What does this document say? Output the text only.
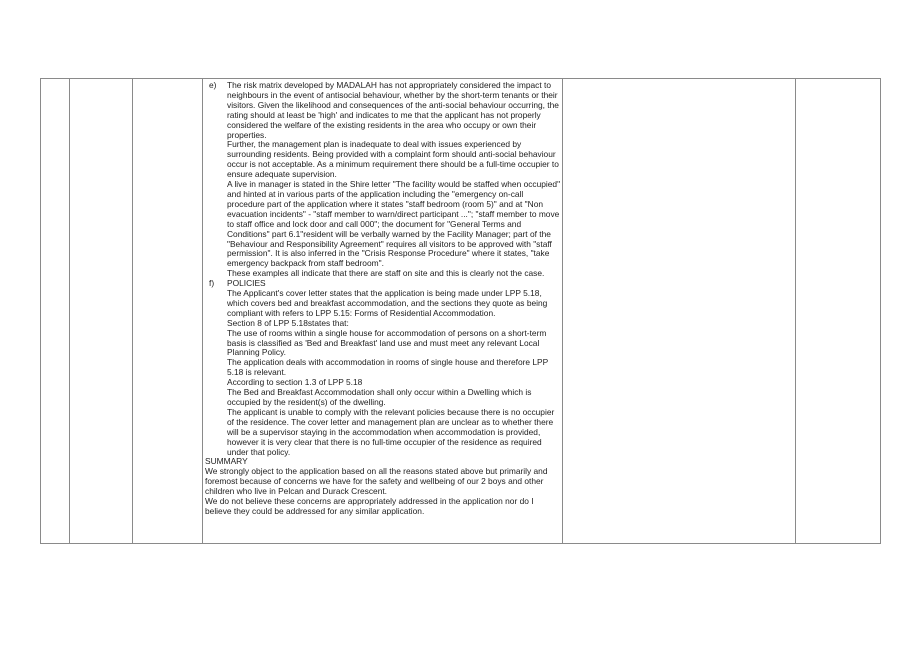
e)	The risk matrix developed by MADALAH has not appropriately considered the impact to neighbours in the event of antisocial behaviour, whether by the short-term tenants or their visitors. Given the likelihood and consequences of the anti-social behaviour occurring, the rating should at least be 'high' and indicates to me that the applicant has not properly considered the welfare of the existing residents in the area who occupy or own their properties.

Further, the management plan is inadequate to deal with issues experienced by surrounding residents. Being provided with a complaint form should anti-social behaviour occur is not acceptable. As a minimum requirement there should be a full-time occupier to ensure adequate supervision.

A live in manager is stated in the Shire letter "The facility would be staffed when occupied" and hinted at in various parts of the application including the "emergency on-call procedure part of the application where it states "staff bedroom (room 5)" and at "Non evacuation incidents" - "staff member to warn/direct participant ..."; "staff member to move to staff office and lock door and call 000"; the document for "General Terms and Conditions" part 6.1"resident will be verbally warned by the Facility Manager; part of the "Behaviour and Responsibility Agreement" requires all visitors to be approved with "staff permission". It is also inferred in the "Crisis Response Procedure" where it states, "take emergency backpack from staff bedroom".

These examples all indicate that there are staff on site and this is clearly not the case.

f)	POLICIES

The Applicant's cover letter states that the application is being made under LPP 5.18, which covers bed and breakfast accommodation, and the sections they quote as being compliant with refers to LPP 5.15: Forms of Residential Accommodation.

Section 8 of LPP 5.18states that:

The use of rooms within a single house for accommodation of persons on a short-term basis is classified as 'Bed and Breakfast' land use and must meet any relevant Local Planning Policy.

The application deals with accommodation in rooms of single house and therefore LPP 5.18 is relevant.

According to section 1.3 of LPP 5.18

The Bed and Breakfast Accommodation shall only occur within a Dwelling which is occupied by the resident(s) of the dwelling.

The applicant is unable to comply with the relevant policies because there is no occupier of the residence. The cover letter and management plan are unclear as to whether there will be a supervisor staying in the accommodation when accommodation is provided, however it is very clear that there is no full-time occupier of the residence as required under that policy.

SUMMARY

We strongly object to the application based on all the reasons stated above but primarily and foremost because of concerns we have for the safety and wellbeing of our 2 boys and other children who live in Pelcan and Durack Crescent.

We do not believe these concerns are appropriately addressed in the application nor do I believe they could be addressed for any similar application.
